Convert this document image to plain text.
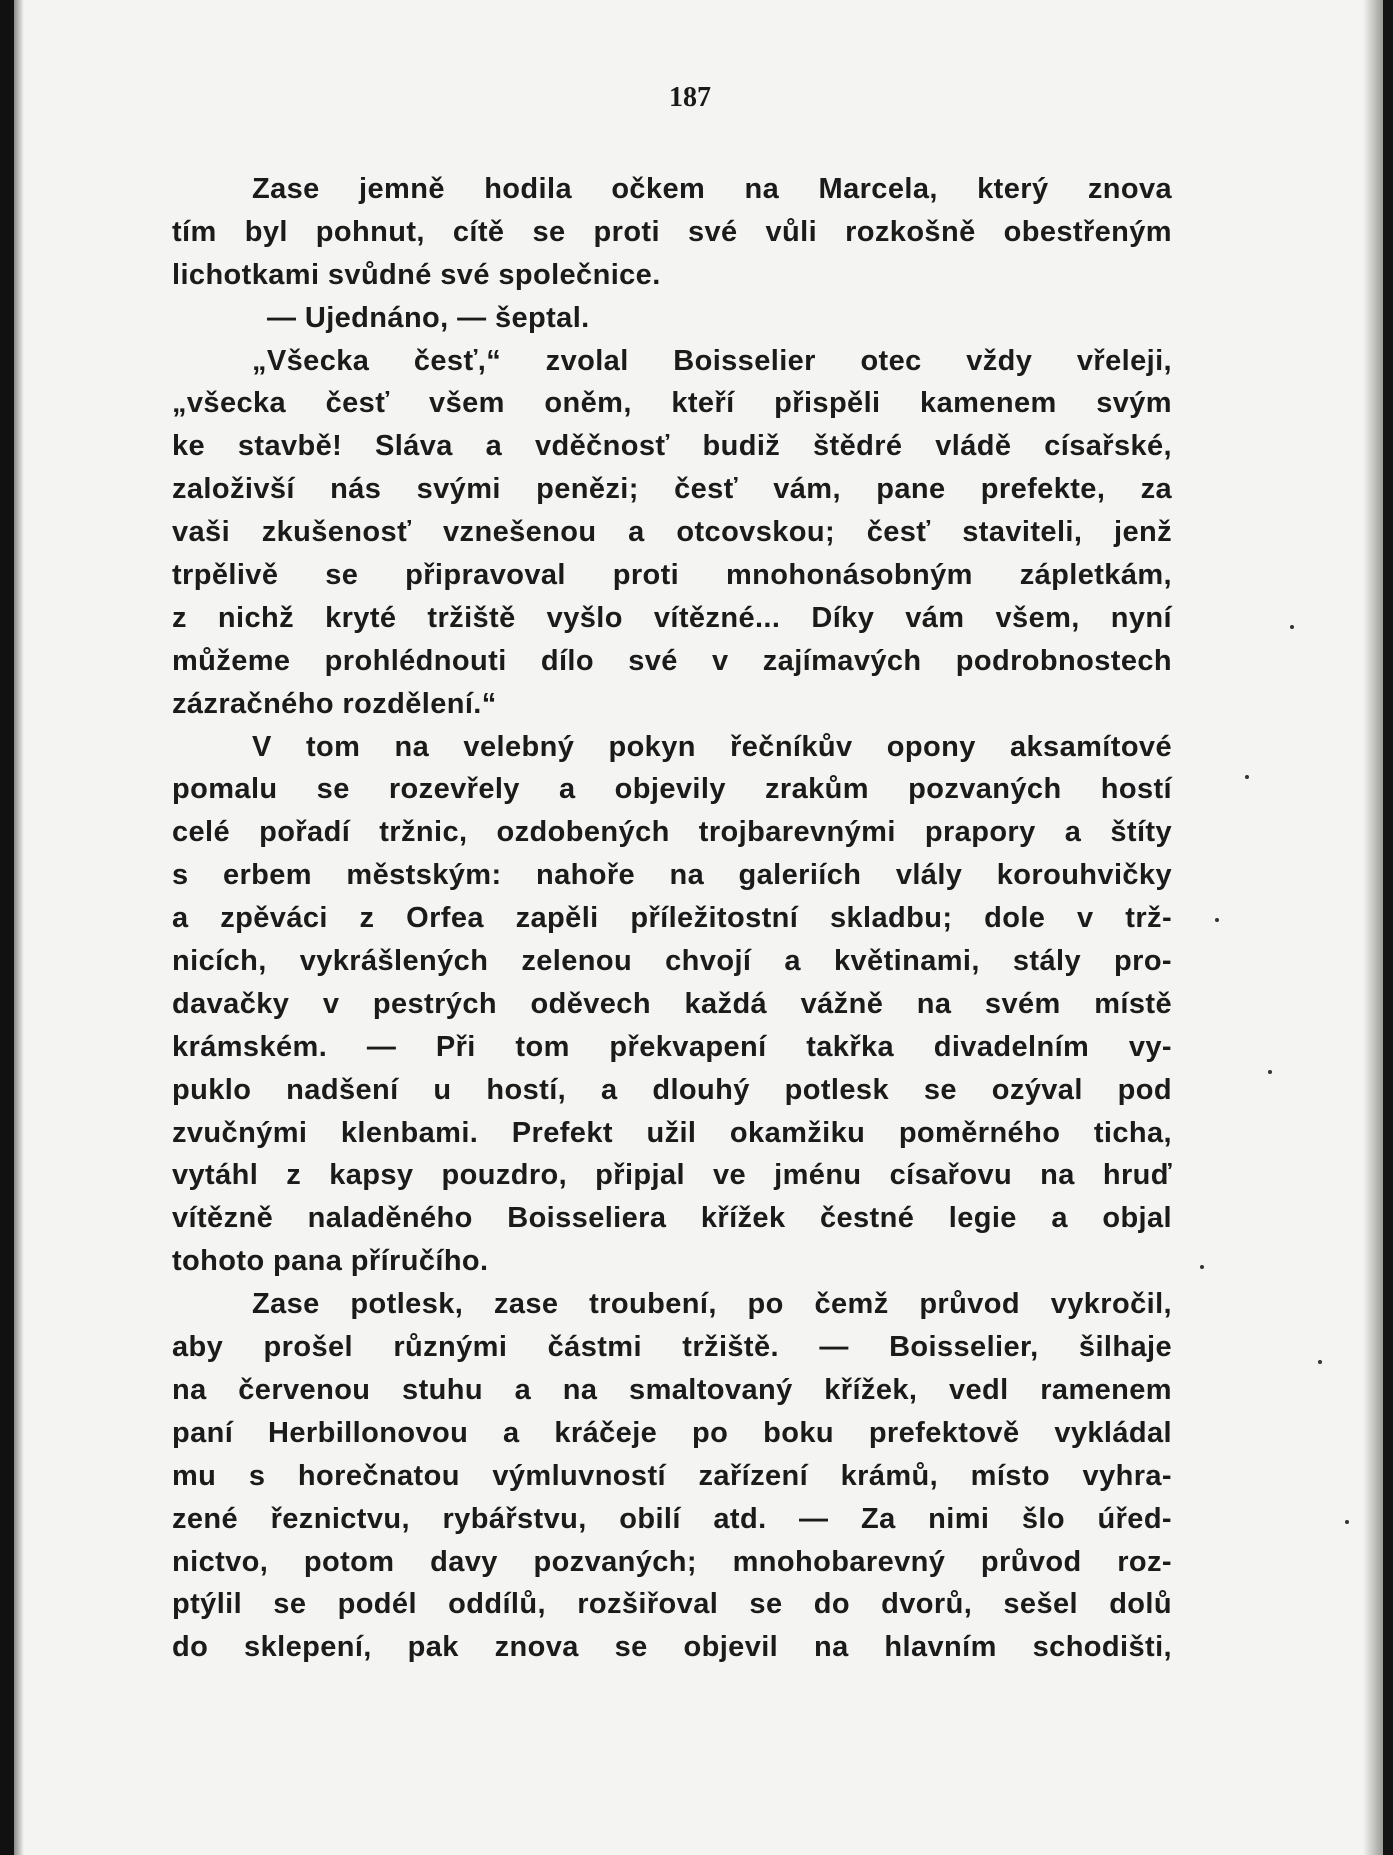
187
Zase jemně hodila očkem na Marcela, který znova
tím byl pohnut, cítě se proti své vůli rozkošně obestřeným
lichotkami svůdné své společnice.
— Ujednáno, — šeptal.
„Všecka česť,“ zvolal Boisselier otec vždy vřeleji,
„všecka česť všem oněm, kteří přispěli kamenem svým
ke stavbě! Sláva a vděčnosť budiž štědré vládě císařské,
založivší nás svými penězi; česť vám, pane prefekte, za
vaši zkušenosť vznešenou a otcovskou; česť staviteli, jenž
trpělivě se připravoval proti mnohonásobným zápletkám,
z nichž kryté tržiště vyšlo vítězné... Díky vám všem, nyní
můžeme prohlédnouti dílo své v zajímavých podrobnostech
zázračného rozdělení.“
V tom na velebný pokyn řečníkův opony aksamítové
pomalu se rozevřely a objevily zrakům pozvaných hostí
celé pořadí tržnic, ozdobených trojbarevnými prapory a štíty
s erbem městským: nahoře na galeriích vlály korouhvičky
a zpěváci z Orfea zapěli příležitostní skladbu; dole v trž-
nicích, vykrášlených zelenou chvojí a květinami, stály pro-
davačky v pestrých oděvech každá vážně na svém místě
krámském. — Při tom překvapení takřka divadelním vy-
puklo nadšení u hostí, a dlouhý potlesk se ozýval pod
zvučnými klenbami. Prefekt užil okamžiku poměrného ticha,
vytáhl z kapsy pouzdro, připjal ve jménu císařovu na hruď
vítězně naladěného Boisseliera křížek čestné legie a objal
tohoto pana příručího.
Zase potlesk, zase troubení, po čemž průvod vykročil,
aby prošel různými částmi tržiště. — Boisselier, šilhaje
na červenou stuhu a na smaltovaný křížek, vedl ramenem
paní Herbillonovou a kráčeje po boku prefektově vykládal
mu s horečnatou výmluvností zařízení krámů, místo vyhra-
zené řeznictvu, rybářstvu, obilí atd. — Za nimi šlo úřed-
nictvo, potom davy pozvaných; mnohobarevný průvod roz-
ptýlil se podél oddílů, rozšiřoval se do dvorů, sešel dolů
do sklepení, pak znova se objevil na hlavním schodišti,
